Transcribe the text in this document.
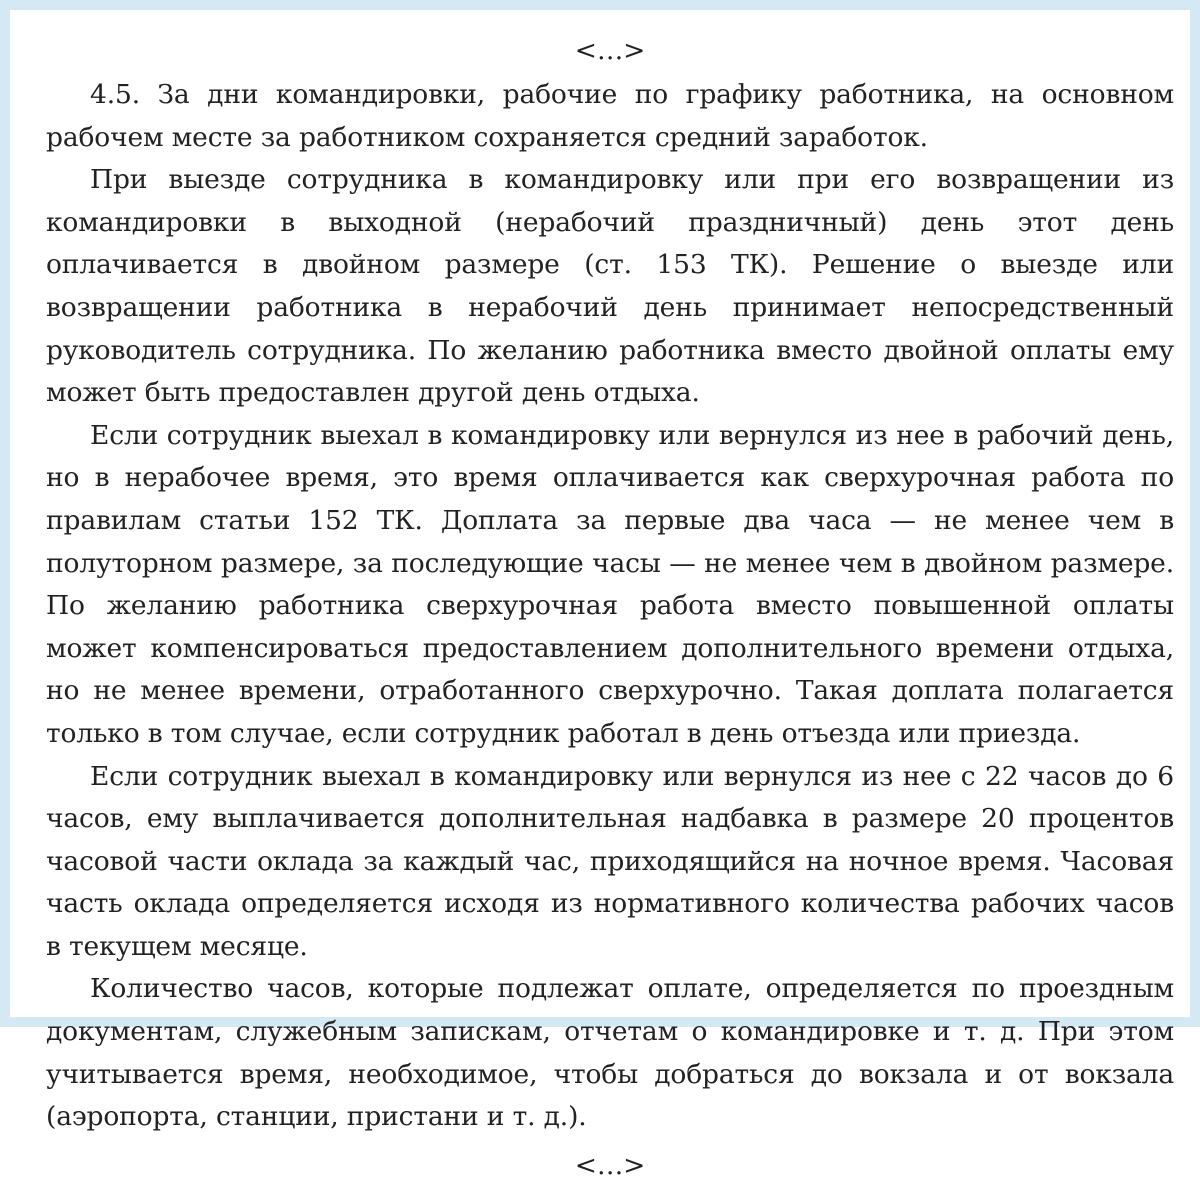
<…>

4.5. За дни командировки, рабочие по графику работника, на основном рабочем месте за работником сохраняется средний заработок.

При выезде сотрудника в командировку или при его возвращении из командировки в выходной (нерабочий праздничный) день этот день оплачивается в двойном размере (ст. 153 ТК). Решение о выезде или возвращении работника в нерабочий день принимает непосредственный руководитель сотрудника. По желанию работника вместо двойной оплаты ему может быть предоставлен другой день отдыха.

Если сотрудник выехал в командировку или вернулся из нее в рабочий день, но в нерабочее время, это время оплачивается как сверхурочная работа по правилам статьи 152 ТК. Доплата за первые два часа — не менее чем в полуторном размере, за последующие часы — не менее чем в двойном размере. По желанию работника сверхурочная работа вместо повышенной оплаты может компенсироваться предоставлением дополнительного времени отдыха, но не менее времени, отработанного сверхурочно. Такая доплата полагается только в том случае, если сотрудник работал в день отъезда или приезда.

Если сотрудник выехал в командировку или вернулся из нее с 22 часов до 6 часов, ему выплачивается дополнительная надбавка в размере 20 процентов часовой части оклада за каждый час, приходящийся на ночное время. Часовая часть оклада определяется исходя из нормативного количества рабочих часов в текущем месяце.

Количество часов, которые подлежат оплате, определяется по проездным документам, служебным запискам, отчетам о командировке и т. д. При этом учитывается время, необходимое, чтобы добраться до вокзала и от вокзала (аэропорта, станции, пристани и т. д.).

<…>
